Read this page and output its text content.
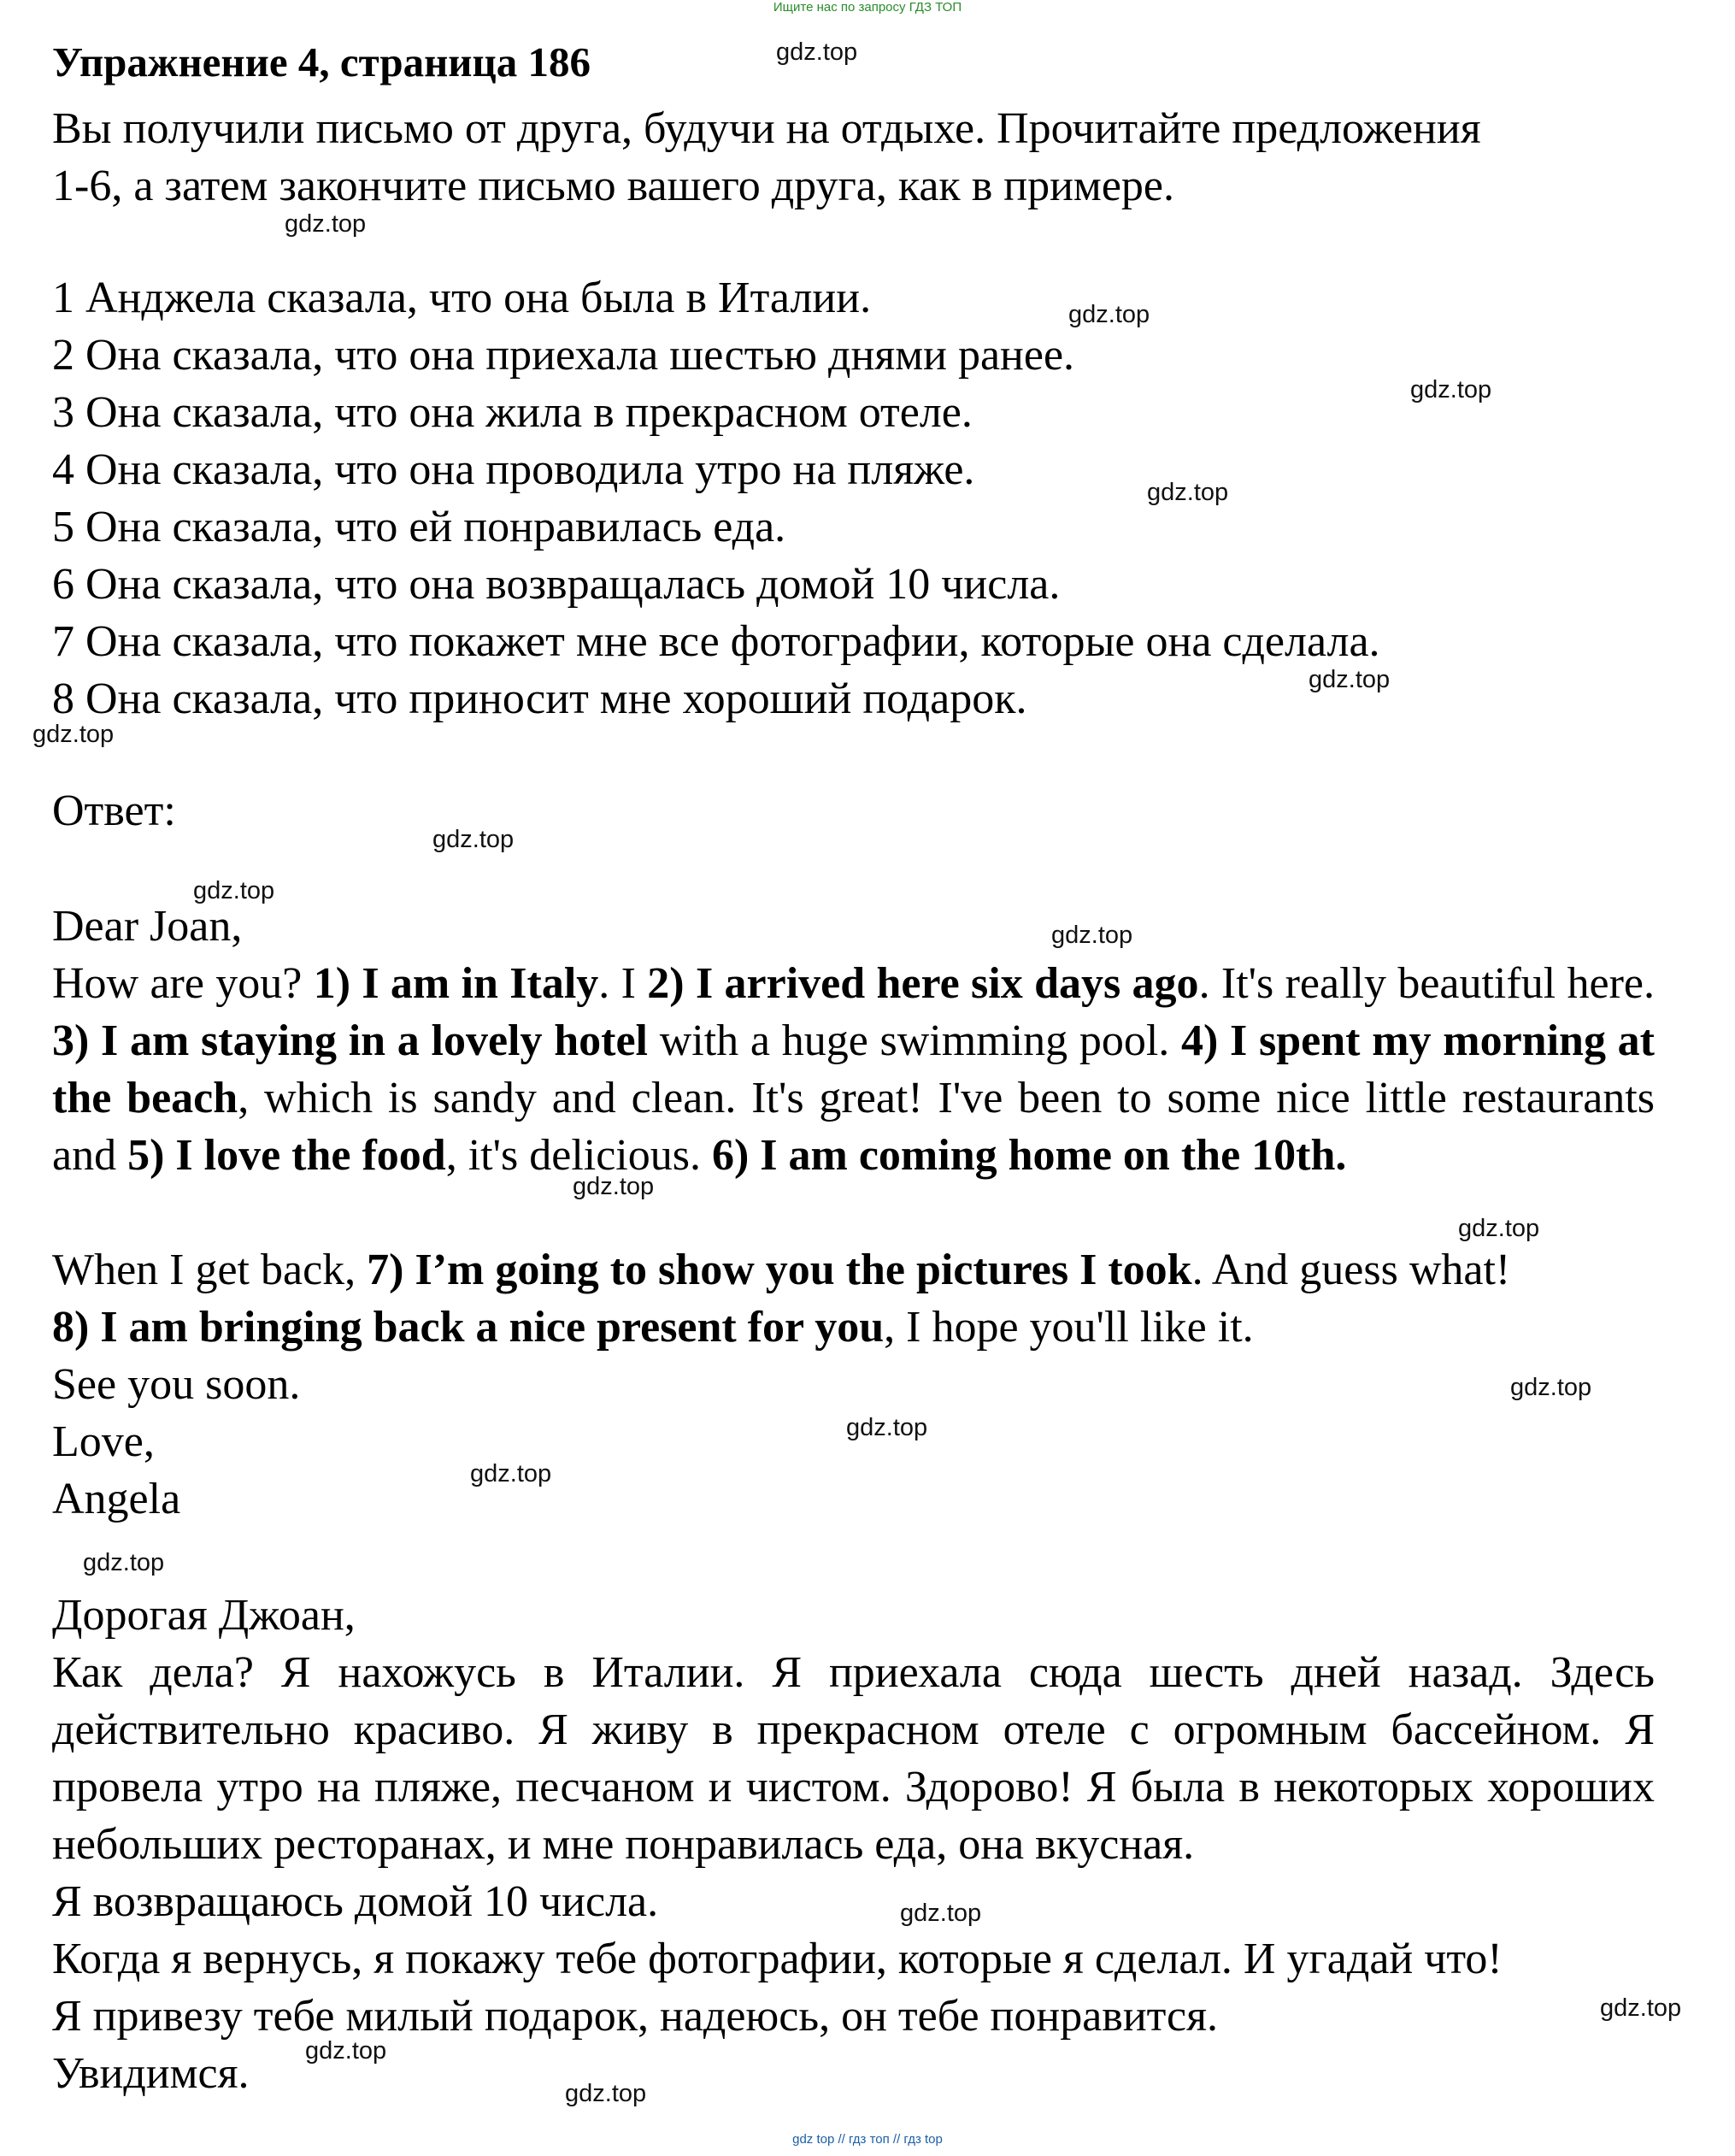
Ищите нас по запросу ГДЗ ТОП
Упражнение 4, страница 186
Вы получили письмо от друга, будучи на отдыхе. Прочитайте предложения
1-6, а затем закончите письмо вашего друга, как в примере.
1 Анджела сказала, что она была в Италии.
2 Она сказала, что она приехала шестью днями ранее.
3 Она сказала, что она жила в прекрасном отеле.
4 Она сказала, что она проводила утро на пляже.
5 Она сказала, что ей понравилась еда.
6 Она сказала, что она возвращалась домой 10 числа.
7 Она сказала, что покажет мне все фотографии, которые она сделала.
8 Она сказала, что приносит мне хороший подарок.
Ответ:
Dear Joan,
How are you? 1) I am in Italy. I 2) I arrived here six days ago. It's really beautiful here. 3) I am staying in a lovely hotel with a huge swimming pool. 4) I spent my morning at the beach, which is sandy and clean. It's great! I've been to some nice little restaurants and 5) I love the food, it's delicious. 6) I am coming home on the 10th.
When I get back, 7) I’m going to show you the pictures I took. And guess what!
8) I am bringing back a nice present for you, I hope you'll like it.
See you soon.
Love,
Angela
Дорогая Джоан,
Как дела? Я нахожусь в Италии. Я приехала сюда шесть дней назад. Здесь действительно красиво. Я живу в прекрасном отеле с огромным бассейном. Я провела утро на пляже, песчаном и чистом. Здорово! Я была в некоторых хороших небольших ресторанах, и мне понравилась еда, она вкусная.
Я возвращаюсь домой 10 числа.
Когда я вернусь, я покажу тебе фотографии, которые я сделал. И угадай что!
Я привезу тебе милый подарок, надеюсь, он тебе понравится.
Увидимся.
gdz.top
gdz.top
gdz.top
gdz.top
gdz.top
gdz.top
gdz.top
gdz.top
gdz.top
gdz.top
gdz.top
gdz.top
gdz.top
gdz.top
gdz.top
gdz.top
gdz.top
gdz.top
gdz.top
gdz.top
gdz top // гдз топ // гдз top
